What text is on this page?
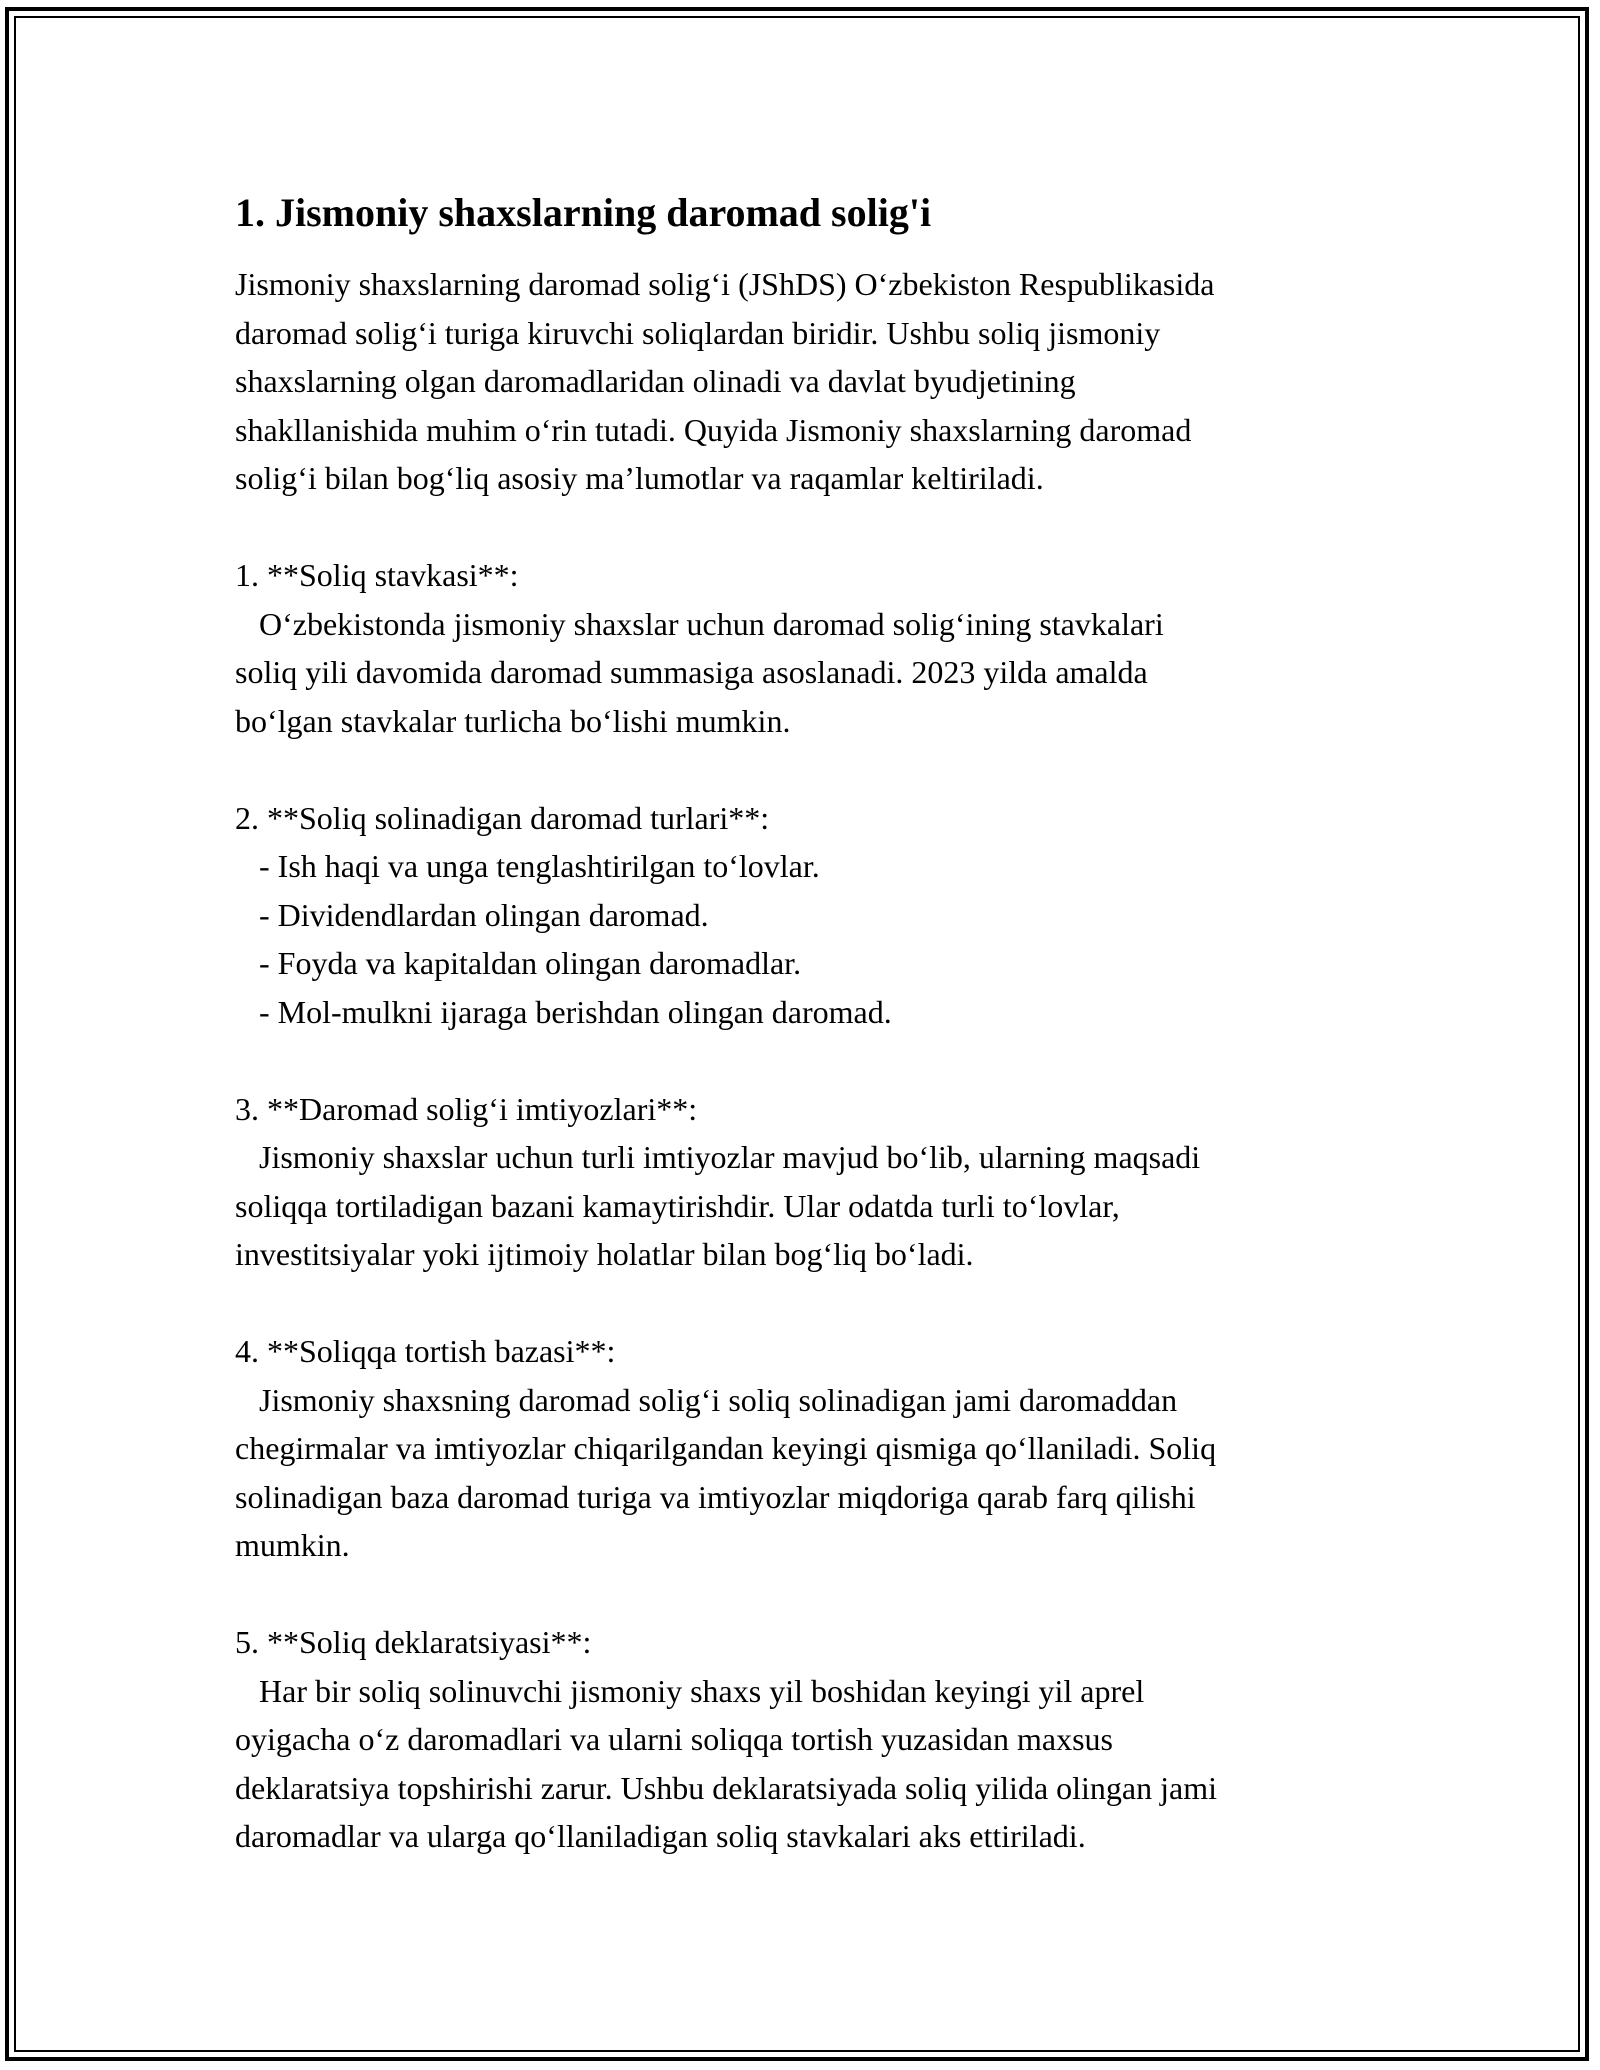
1. Jismoniy shaxslarning daromad solig'i

Jismoniy shaxslarning daromad solig‘i (JShDS) O‘zbekiston Respublikasida
daromad solig‘i turiga kiruvchi soliqlardan biridir. Ushbu soliq jismoniy
shaxslarning olgan daromadlaridan olinadi va davlat byudjetining
shakllanishida muhim o‘rin tutadi. Quyida Jismoniy shaxslarning daromad
solig‘i bilan bog‘liq asosiy ma’lumotlar va raqamlar keltiriladi.

1. **Soliq stavkasi**:

O‘zbekistonda jismoniy shaxslar uchun daromad solig‘ining stavkalari
soliq yili davomida daromad summasiga asoslanadi. 2023 yilda amalda
bo‘lgan stavkalar turlicha bo‘lishi mumkin.

2. **Soliq solinadigan daromad turlari**:

- Ish haqi va unga tenglashtirilgan to‘lovlar.
- Dividendlardan olingan daromad.
- Foyda va kapitaldan olingan daromadlar.
- Mol-mulkni ijaraga berishdan olingan daromad.

3. **Daromad solig‘i imtiyozlari**:

Jismoniy shaxslar uchun turli imtiyozlar mavjud bo‘lib, ularning maqsadi
soliqqa tortiladigan bazani kamaytirishdir. Ular odatda turli to‘lovlar,
investitsiyalar yoki ijtimoiy holatlar bilan bog‘liq bo‘ladi.

4. **Soliqqa tortish bazasi**:

Jismoniy shaxsning daromad solig‘i soliq solinadigan jami daromaddan
chegirmalar va imtiyozlar chiqarilgandan keyingi qismiga qo‘llaniladi. Soliq
solinadigan baza daromad turiga va imtiyozlar miqdoriga qarab farq qilishi
mumkin.

5. **Soliq deklaratsiyasi**:

Har bir soliq solinuvchi jismoniy shaxs yil boshidan keyingi yil aprel
oyigacha o‘z daromadlari va ularni soliqqa tortish yuzasidan maxsus
deklaratsiya topshirishi zarur. Ushbu deklaratsiyada soliq yilida olingan jami
daromadlar va ularga qo‘llaniladigan soliq stavkalari aks ettiriladi.
